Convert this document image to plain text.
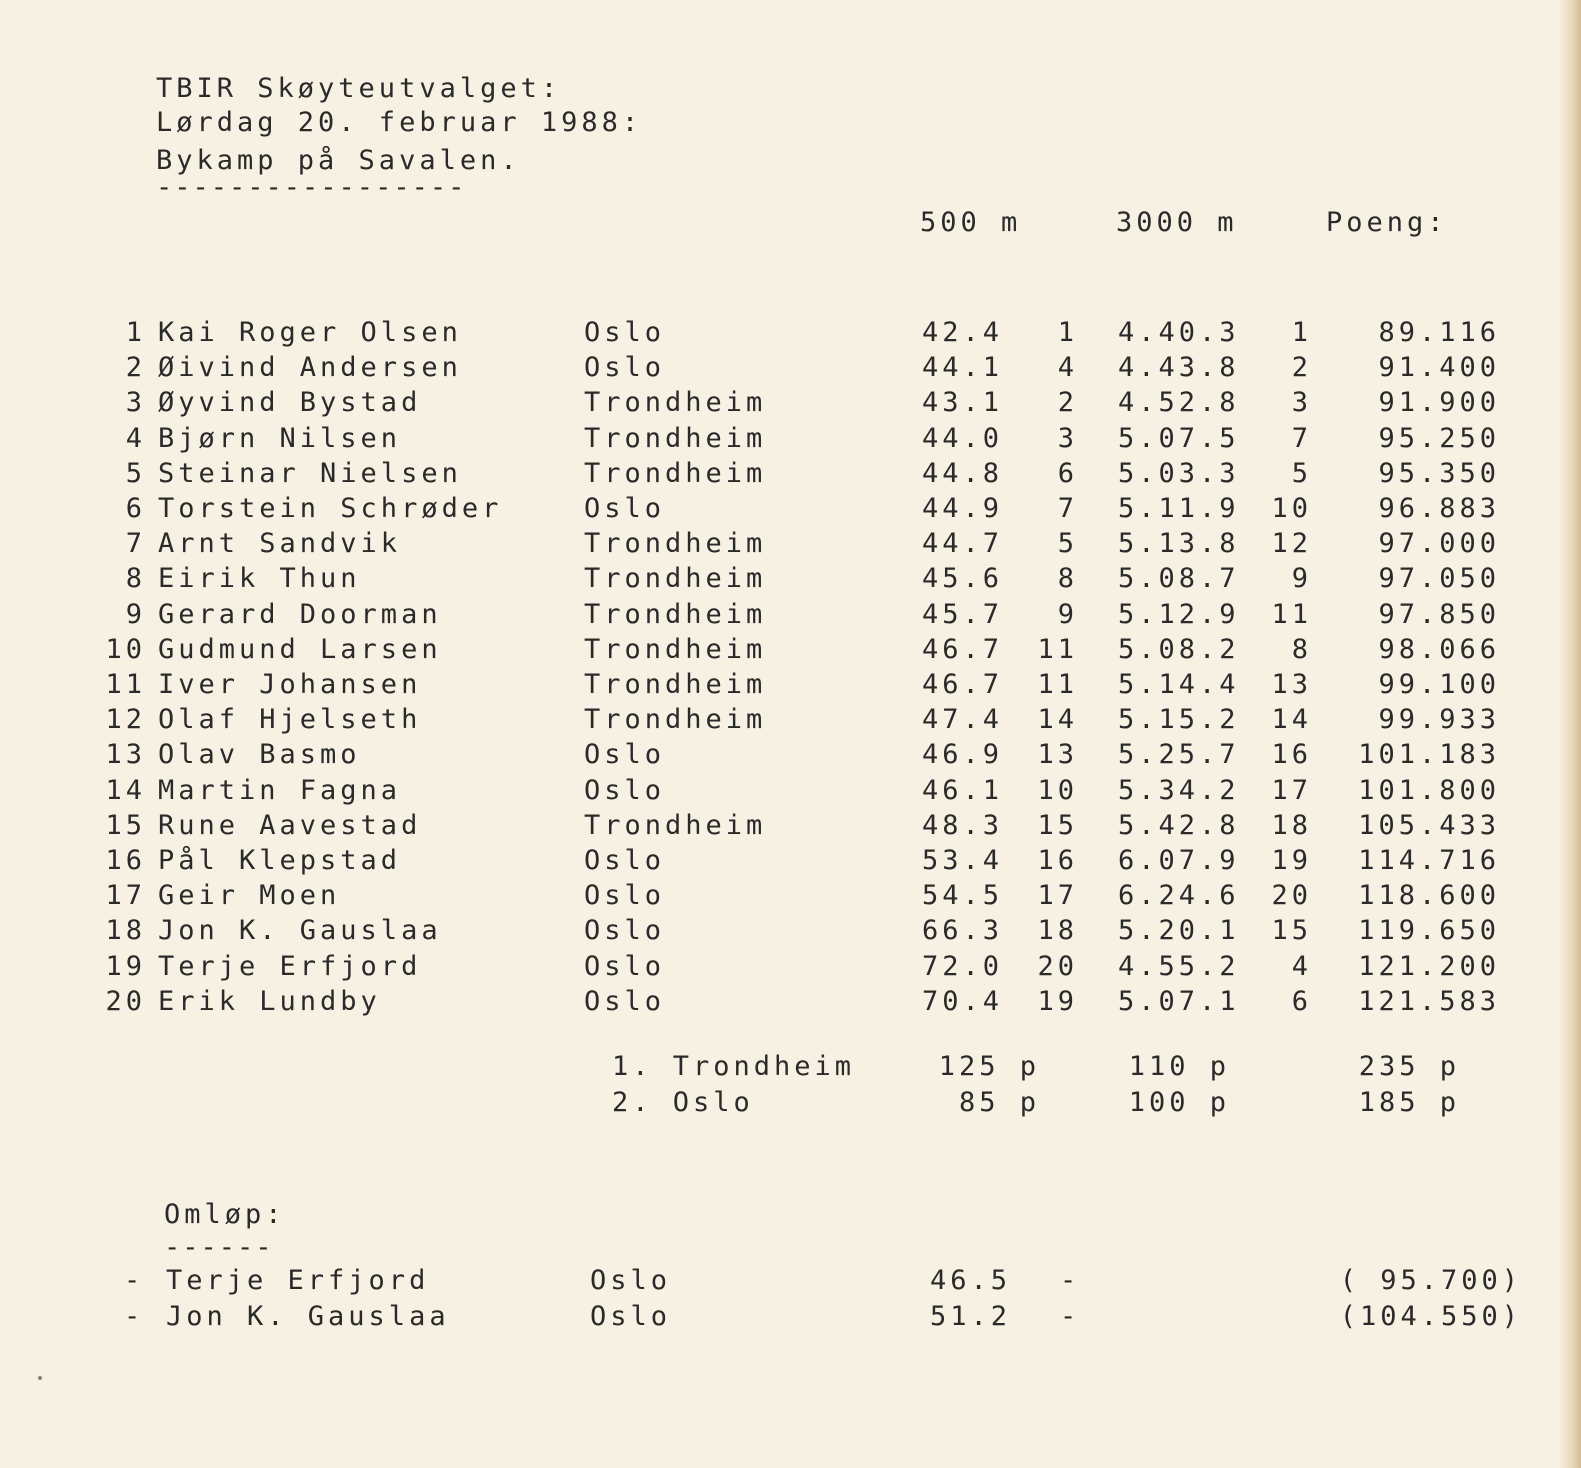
TBIR Skøyteutvalget:
Lørdag 20. februar 1988:
Bykamp på Savalen.
-----------------
500 m	3000 m	Poeng:
1 Kai Roger Olsen	Oslo	42.4	1 4.40.3	1	89.116
2 Øivind Andersen	Oslo	44.1	4 4.43.8	2	91.400
3 Øyvind Bystad	Trondheim	43.1	2 4.52.8	3	91.900
4 Bjørn Nilsen	Trondheim	44.0	3 5.07.5	7	95.250
5 Steinar Nielsen	Trondheim	44.8	6 5.03.3	5	95.350
6 Torstein Schrøder	Oslo	44.9	7 5.11.9	10	96.883
7 Arnt Sandvik	Trondheim	44.7	5 5.13.8	12	97.000
8 Eirik Thun	Trondheim	45.6	8 5.08.7	9	97.050
9 Gerard Doorman	Trondheim	45.7	9 5.12.9	11	97.850
10 Gudmund Larsen	Trondheim	46.7	11 5.08.2	8	98.066
11 Iver Johansen	Trondheim	46.7	11 5.14.4	13	99.100
12 Olaf Hjelseth	Trondheim	47.4	14 5.15.2	14	99.933
13 Olav Basmo	Oslo	46.9	13 5.25.7	16	101.183
14 Martin Fagna	Oslo	46.1	10 5.34.2	17	101.800
15 Rune Aavestad	Trondheim	48.3	15 5.42.8	18	105.433
16 Pål Klepstad	Oslo	53.4	16 6.07.9	19	114.716
17 Geir Moen	Oslo	54.5	17 6.24.6	20	118.600
18 Jon K. Gauslaa	Oslo	66.3	18 5.20.1	15	119.650
19 Terje Erfjord	Oslo	72.0	20 4.55.2	4	121.200
20 Erik Lundby	Oslo	70.4	19 5.07.1	6	121.583
1. Trondheim	125 p	110 p	235 p
2. Oslo	85 p	100 p	185 p
Omløp:
------
- Terje Erfjord	Oslo	46.5 -	( 95.700)
- Jon K. Gauslaa	Oslo	51.2 -	(104.550)
